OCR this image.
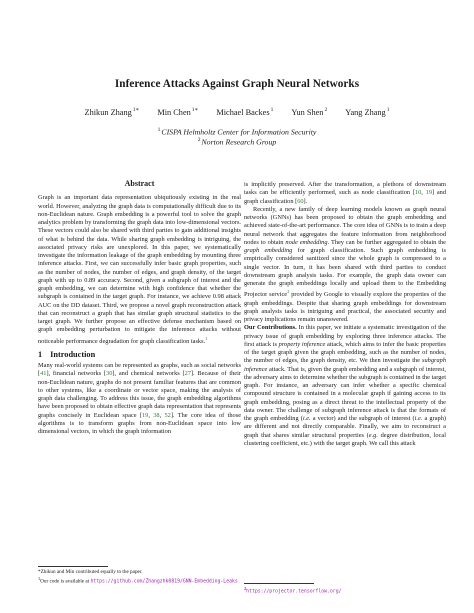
Inference Attacks Against Graph Neural Networks
Zhikun Zhang$^{1∗}$ Min Chen$^{1∗}$ Michael Backes$^1$ Yun Shen$^2$ Yang Zhang$^1$
$^1$CISPA Helmholtz Center for Information Security
$^2$Norton Research Group
Abstract

Graph is an important data representation ubiquitously existing in the real world. However, analyzing the graph data is computationally difficult due to its non-Euclidean nature. Graph embedding is a powerful tool to solve the graph analytics problem by transforming the graph data into low-dimensional vectors. These vectors could also be shared with third parties to gain additional insights of what is behind the data. While sharing graph embedding is intriguing, the associated privacy risks are unexplored. In this paper, we systematically investigate the information leakage of the graph embedding by mounting three inference attacks. First, we can successfully infer basic graph properties, such as the number of nodes, the number of edges, and graph density, of the target graph with up to 0.89 accuracy. Second, given a subgraph of interest and the graph embedding, we can determine with high confidence that whether the subgraph is contained in the target graph. For instance, we achieve 0.98 attack AUC on the DD dataset. Third, we propose a novel graph reconstruction attack that can reconstruct a graph that has similar graph structural statistics to the target graph. We further propose an effective defense mechanism based on graph embedding perturbation to mitigate the inference attacks without noticeable performance degradation for graph classification tasks.$^1$

1 Introduction

Many real-world systems can be represented as graphs, such as social networks [41], financial networks [30], and chemical networks [27]. Because of their non-Euclidean nature, graphs do not present familiar features that are common to other systems, like a coordinate or vector space, making the analysis of graph data challenging. To address this issue, the graph embedding algorithms have been proposed to obtain effective graph data representation that represents graphs concisely in Euclidean space [19, 38, 52]. The core idea of those algorithms is to transform graphs from non-Euclidean space into low dimensional vectors, in which the graph information

*Zhikun and Min contributed equally to the paper.
$^1$Our code is available at https://github.com/Zhangzhk0819/GNN-Embedding-Leaks

is implicitly preserved. After the transformation, a plethora of downstream tasks can be efficiently performed, such as node classification [10, 19] and graph classification [60].

Recently, a new family of deep learning models known as graph neural networks (GNNs) has been proposed to obtain the graph embedding and achieved state-of-the-art performance. The core idea of GNNs is to train a deep neural network that aggregates the feature information from neighborhood nodes to obtain node embedding. They can be further aggregated to obtain the graph embedding for graph classification. Such graph embedding is empirically considered sanitized since the whole graph is compressed to a single vector. In turn, it has been shared with third parties to conduct downstream graph analysis tasks. For example, the graph data owner can generate the graph embeddings locally and upload them to the Embedding Projector service$^2$ provided by Google to visually explore the properties of the graph embeddings. Despite that sharing graph embeddings for downstream graph analysis tasks is intriguing and practical, the associated security and privacy implications remain unanswered.

Our Contributions. In this paper, we initiate a systematic investigation of the privacy issue of graph embedding by exploring three inference attacks. The first attack is property inference attack, which aims to infer the basic properties of the target graph given the graph embedding, such as the number of nodes, the number of edges, the graph density, etc. We then investigate the subgraph inference attack. That is, given the graph embedding and a subgraph of interest, the adversary aims to determine whether the subgraph is contained in the target graph. For instance, an adversary can infer whether a specific chemical compound structure is contained in a molecular graph if gaining access to its graph embedding, posing as a direct threat to the intellectual property of the data owner. The challenge of subgraph inference attack is that the formats of the graph embedding (i.e. a vector) and the subgraph of interest (i.e. a graph) are different and not directly comparable. Finally, we aim to reconstruct a graph that shares similar structural properties (e.g. degree distribution, local clustering coefficient, etc.) with the target graph. We call this attack

$^2$https://projector.tensorflow.org/
